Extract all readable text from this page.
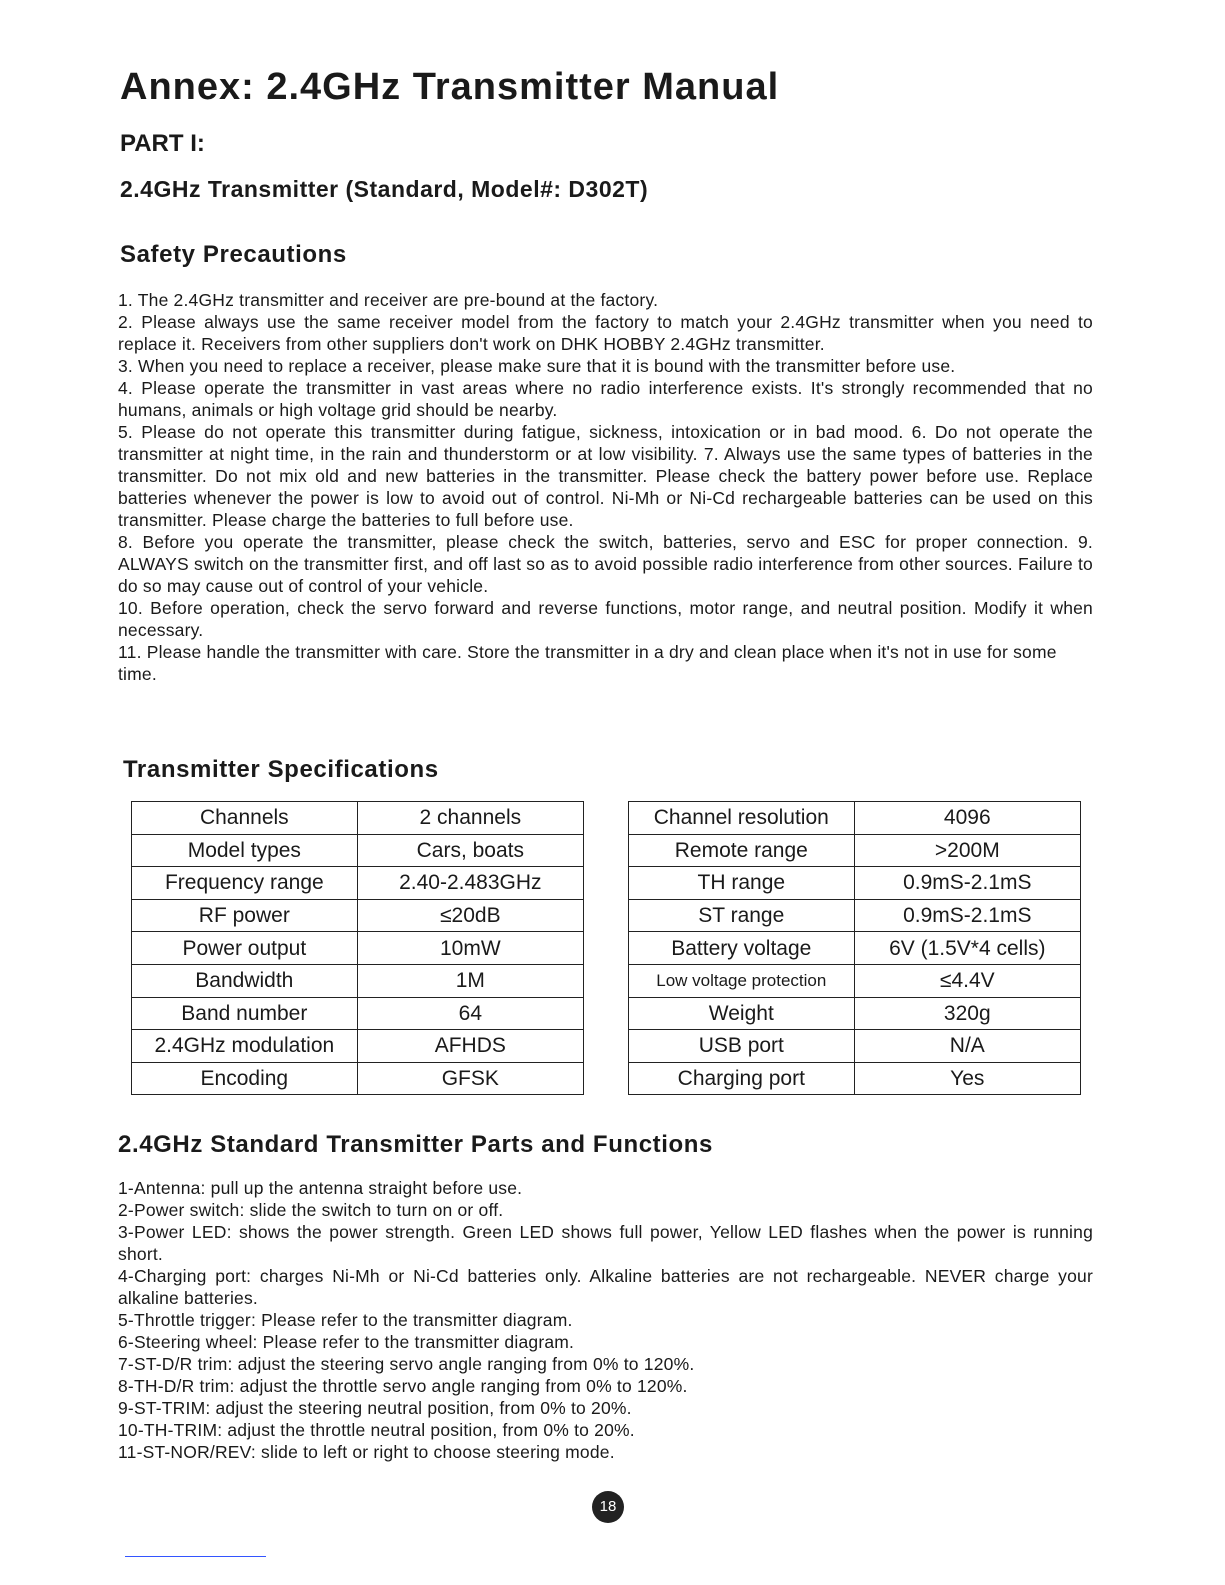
Annex: 2.4GHz Transmitter Manual
PART I:
2.4GHz Transmitter (Standard, Model#: D302T)
Safety Precautions

1. The 2.4GHz transmitter and receiver are pre-bound at the factory.

2. Please always use the same receiver model from the factory to match your 2.4GHz transmitter when you need to replace it. Receivers from other suppliers don't work on DHK HOBBY 2.4GHz transmitter.

3. When you need to replace a receiver, please make sure that it is bound with the transmitter before use.

4. Please operate the transmitter in vast areas where no radio interference exists. It's strongly recommended that no humans, animals or high voltage grid should be nearby.

5. Please do not operate this transmitter during fatigue, sickness, intoxication or in bad mood. 6. Do not operate the transmitter at night time, in the rain and thunderstorm or at low visibility. 7. Always use the same types of batteries in the transmitter. Do not mix old and new batteries in the transmitter. Please check the battery power before use. Replace batteries whenever the power is low to avoid out of control. Ni-Mh or Ni-Cd rechargeable batteries can be used on this transmitter. Please charge the batteries to full before use.

8. Before you operate the transmitter, please check the switch, batteries, servo and ESC for proper connection. 9. ALWAYS switch on the transmitter first, and off last so as to avoid possible radio interference from other sources. Failure to do so may cause out of control of your vehicle.

10. Before operation, check the servo forward and reverse functions, motor range, and neutral position. Modify it when necessary.

11. Please handle the transmitter with care. Store the transmitter in a dry and clean place when it's not in use for some time.

Transmitter Specifications
Channels	2 channels
Model types	Cars, boats
Frequency range	2.40-2.483GHz
RF power	≤20dB
Power output	10mW
Bandwidth	1M
Band number	64
2.4GHz modulation	AFHDS
Encoding	GFSK
Channel resolution	4096
Remote range	>200M
TH range	0.9mS-2.1mS
ST range	0.9mS-2.1mS
Battery voltage	6V (1.5V*4 cells)
Low voltage protection	≤4.4V
Weight	320g
USB port	N/A
Charging port	Yes
2.4GHz Standard Transmitter Parts and Functions

1-Antenna: pull up the antenna straight before use.

2-Power switch: slide the switch to turn on or off.

3-Power LED: shows the power strength. Green LED shows full power, Yellow LED flashes when the power is running short.

4-Charging port: charges Ni-Mh or Ni-Cd batteries only. Alkaline batteries are not rechargeable. NEVER charge your alkaline batteries.

5-Throttle trigger: Please refer to the transmitter diagram.

6-Steering wheel: Please refer to the transmitter diagram.

7-ST-D/R trim: adjust the steering servo angle ranging from 0% to 120%.

8-TH-D/R trim: adjust the throttle servo angle ranging from 0% to 120%.

9-ST-TRIM: adjust the steering neutral position, from 0% to 20%.

10-TH-TRIM: adjust the throttle neutral position, from 0% to 20%.

11-ST-NOR/REV: slide to left or right to choose steering mode.

18
